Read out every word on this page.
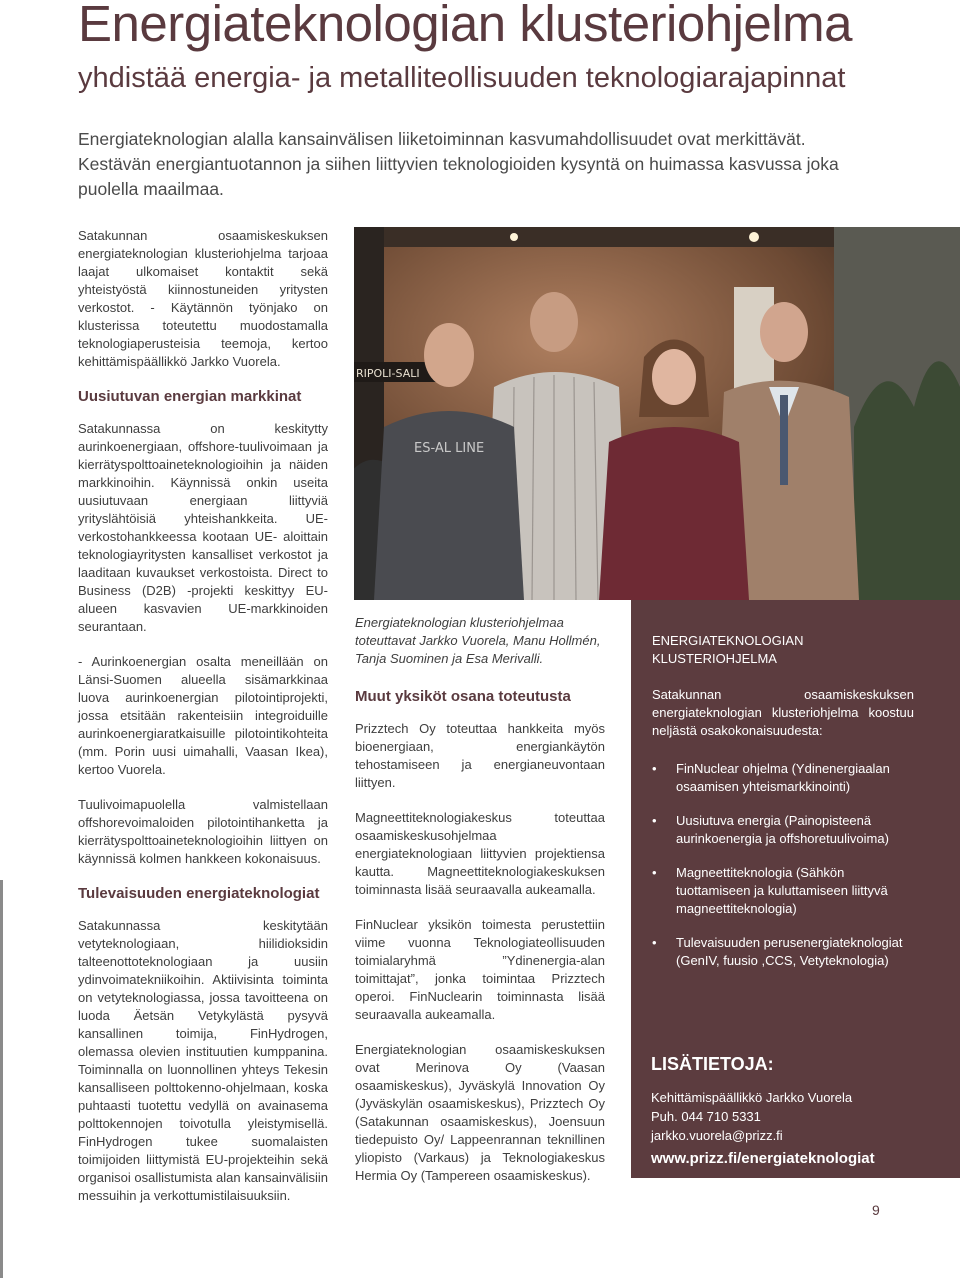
Energiateknologian klusteriohjelma
yhdistää energia- ja metalliteollisuuden teknologiarajapinnat
Energiateknologian alalla kansainvälisen liiketoiminnan kasvumahdollisuudet ovat merkittävät. Kestävän energiantuotannon ja siihen liittyvien teknologioiden kysyntä on huimassa kasvussa joka puolella maailmaa.

Satakunnan osaamiskeskuksen energiateknologian klusteriohjelma tarjoaa laajat ulkomaiset kontaktit sekä yhteistyöstä kiinnostuneiden yritysten verkostot. - Käytännön työnjako on klusterissa toteutettu muodostamalla teknologiaperusteisia teemoja, kertoo kehittämispäällikkö Jarkko Vuorela.

Uusiutuvan energian markkinat

Satakunnassa on keskitytty aurinkoenergiaan, offshore-tuulivoimaan ja kierrätyspolttoaineteknologioihin ja näiden markkinoihin. Käynnissä onkin useita uusiutuvaan energiaan liittyviä yrityslähtöisiä yhteishankkeita. UE-verkostohankkeessa kootaan UE- aloittain teknologiayritysten kansalliset verkostot ja laaditaan kuvaukset verkostoista. Direct to Business (D2B) -projekti keskittyy EU-alueen kasvavien UE-markkinoiden seurantaan.

- Aurinkoenergian osalta meneillään on Länsi-Suomen alueella sisämarkkinaa luova aurinkoenergian pilotointiprojekti, jossa etsitään rakenteisiin integroiduille aurinkoenergiaratkaisuille pilotointikohteita (mm. Porin uusi uimahalli, Vaasan Ikea), kertoo Vuorela.

Tuulivoimapuolella valmistellaan offshorevoimaloiden pilotointihanketta ja kierrätyspolttoaineteknologioihin liittyen on käynnissä kolmen hankkeen kokonaisuus.

Tulevaisuuden energiateknologiat

Satakunnassa keskitytään vetyteknologiaan, hiilidioksidin talteenottoteknologiaan ja uusiin ydinvoimatekniikoihin. Aktiivisinta toiminta on vetyteknologiassa, jossa tavoitteena on luoda Äetsän Vetykylästä pysyvä kansallinen toimija, FinHydrogen, olemassa olevien instituutien kumppanina. Toiminnalla on luonnollinen yhteys Tekesin kansalliseen polttokenno-ohjelmaan, koska puhtaasti tuotettu vedyllä on avainasema polttokennojen toivotulla yleistymisellä. FinHydrogen tukee suomalaisten toimijoiden liittymistä EU-projekteihin sekä organisoi osallistumista alan kansainvälisiin messuihin ja verkottumistilaisuuksiin.

RIPOLI-SALI
ES-AL LINE
Energiateknologian klusteriohjelmaa toteuttavat Jarkko Vuorela, Manu Hollmén, Tanja Suominen ja Esa Merivalli.
Muut yksiköt osana toteutusta

Prizztech Oy toteuttaa hankkeita myös bioenergiaan, energiankäytön tehostamiseen ja energianeuvontaan liittyen.

Magneettiteknologiakeskus toteuttaa osaamiskeskusohjelmaa energiateknologiaan liittyvien projektiensa kautta. Magneettiteknologiakeskuksen toiminnasta lisää seuraavalla aukeamalla.

FinNuclear yksikön toimesta perustettiin viime vuonna Teknologiateollisuuden toimialaryhmä ”Ydinenergia-alan toimittajat”, jonka toimintaa Prizztech operoi. FinNuclearin toiminnasta lisää seuraavalla aukeamalla.

Energiateknologian osaamiskeskuksen ovat Merinova Oy (Vaasan osaamiskeskus), Jyväskylä Innovation Oy (Jyväskylän osaamiskeskus), Prizztech Oy (Satakunnan osaamiskeskus), Joensuun tiedepuisto Oy/ Lappeenrannan teknillinen yliopisto (Varkaus) ja Teknologiakeskus Hermia Oy (Tampereen osaamiskeskus).

ENERGIATEKNOLOGIAN
KLUSTERIOHJELMA
Satakunnan osaamiskeskuksen energiateknologian klusteriohjelma koostuu neljästä osakokonaisuudesta:
• FinNuclear ohjelma (Ydinenergiaalan osaamisen yhteismarkkinointi)
• Uusiutuva energia (Painopisteenä aurinkoenergia ja offshoretuulivoima)
• Magneettiteknologia (Sähkön tuottamiseen ja kuluttamiseen liittyvä magneettiteknologia)
• Tulevaisuuden perusenergiateknologiat (GenIV, fuusio ,CCS, Vetyteknologia)
LISÄTIETOJA:
Kehittämispäällikkö Jarkko Vuorela
Puh. 044 710 5331
jarkko.vuorela@prizz.fi
www.prizz.fi/energiateknologiat
9
